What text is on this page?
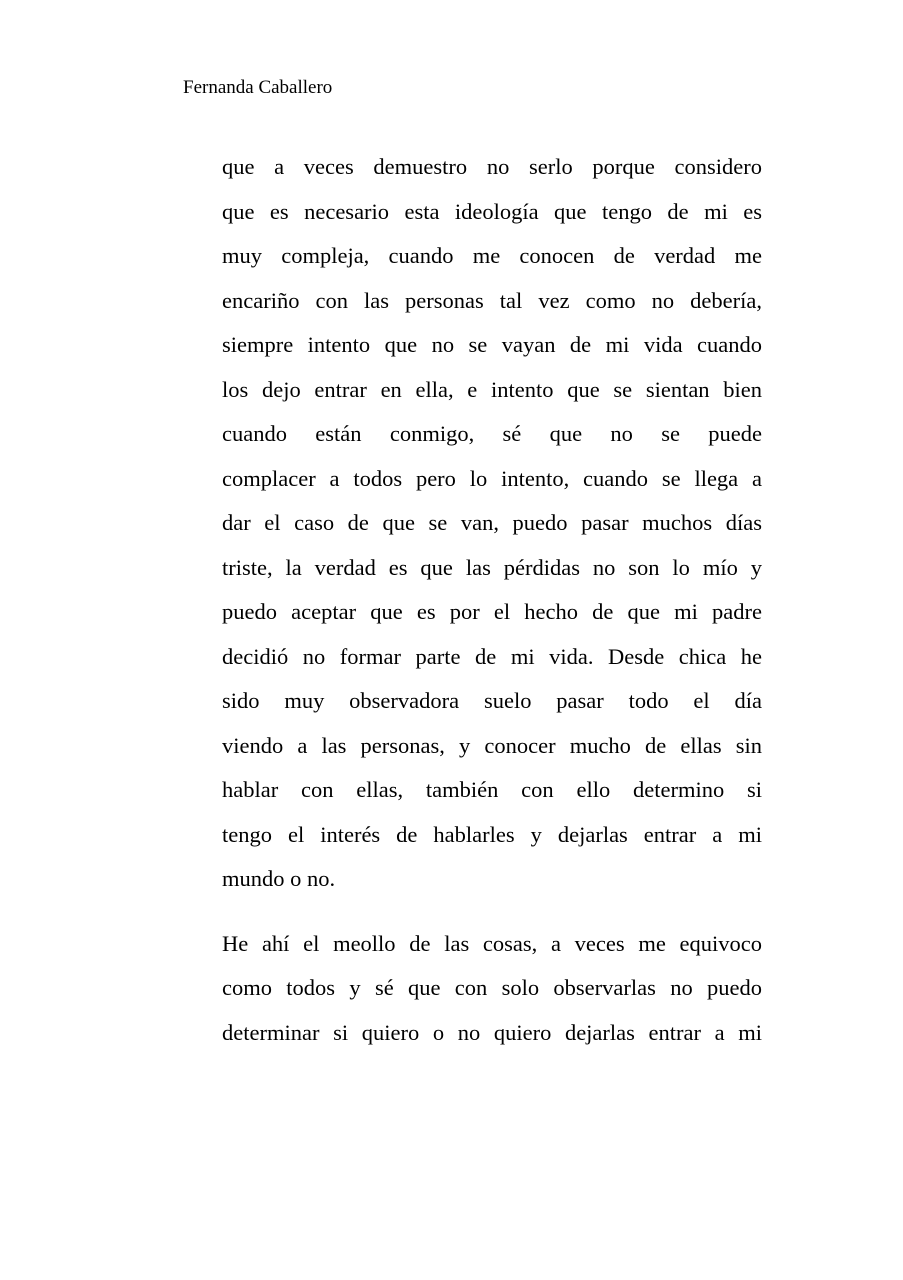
Fernanda Caballero
que a veces demuestro no serlo porque considero
que es necesario esta ideología que tengo de mi es
muy compleja, cuando me conocen de verdad me
encariño con las personas tal vez como no debería,
siempre intento que no se vayan de mi vida cuando
los dejo entrar en ella, e intento que se sientan bien
cuando están conmigo, sé que no se puede
complacer a todos pero lo intento, cuando se llega a
dar el caso de que se van, puedo pasar muchos días
triste, la verdad es que las pérdidas no son lo mío y
puedo aceptar que es por el hecho de que mi padre
decidió no formar parte de mi vida. Desde chica he
sido muy observadora suelo pasar todo el día
viendo a las personas, y conocer mucho de ellas sin
hablar con ellas, también con ello determino si
tengo el interés de hablarles y dejarlas entrar a mi
mundo o no.
He ahí el meollo de las cosas, a veces me equivoco
como todos y sé que con solo observarlas no puedo
determinar si quiero o no quiero dejarlas entrar a mi
